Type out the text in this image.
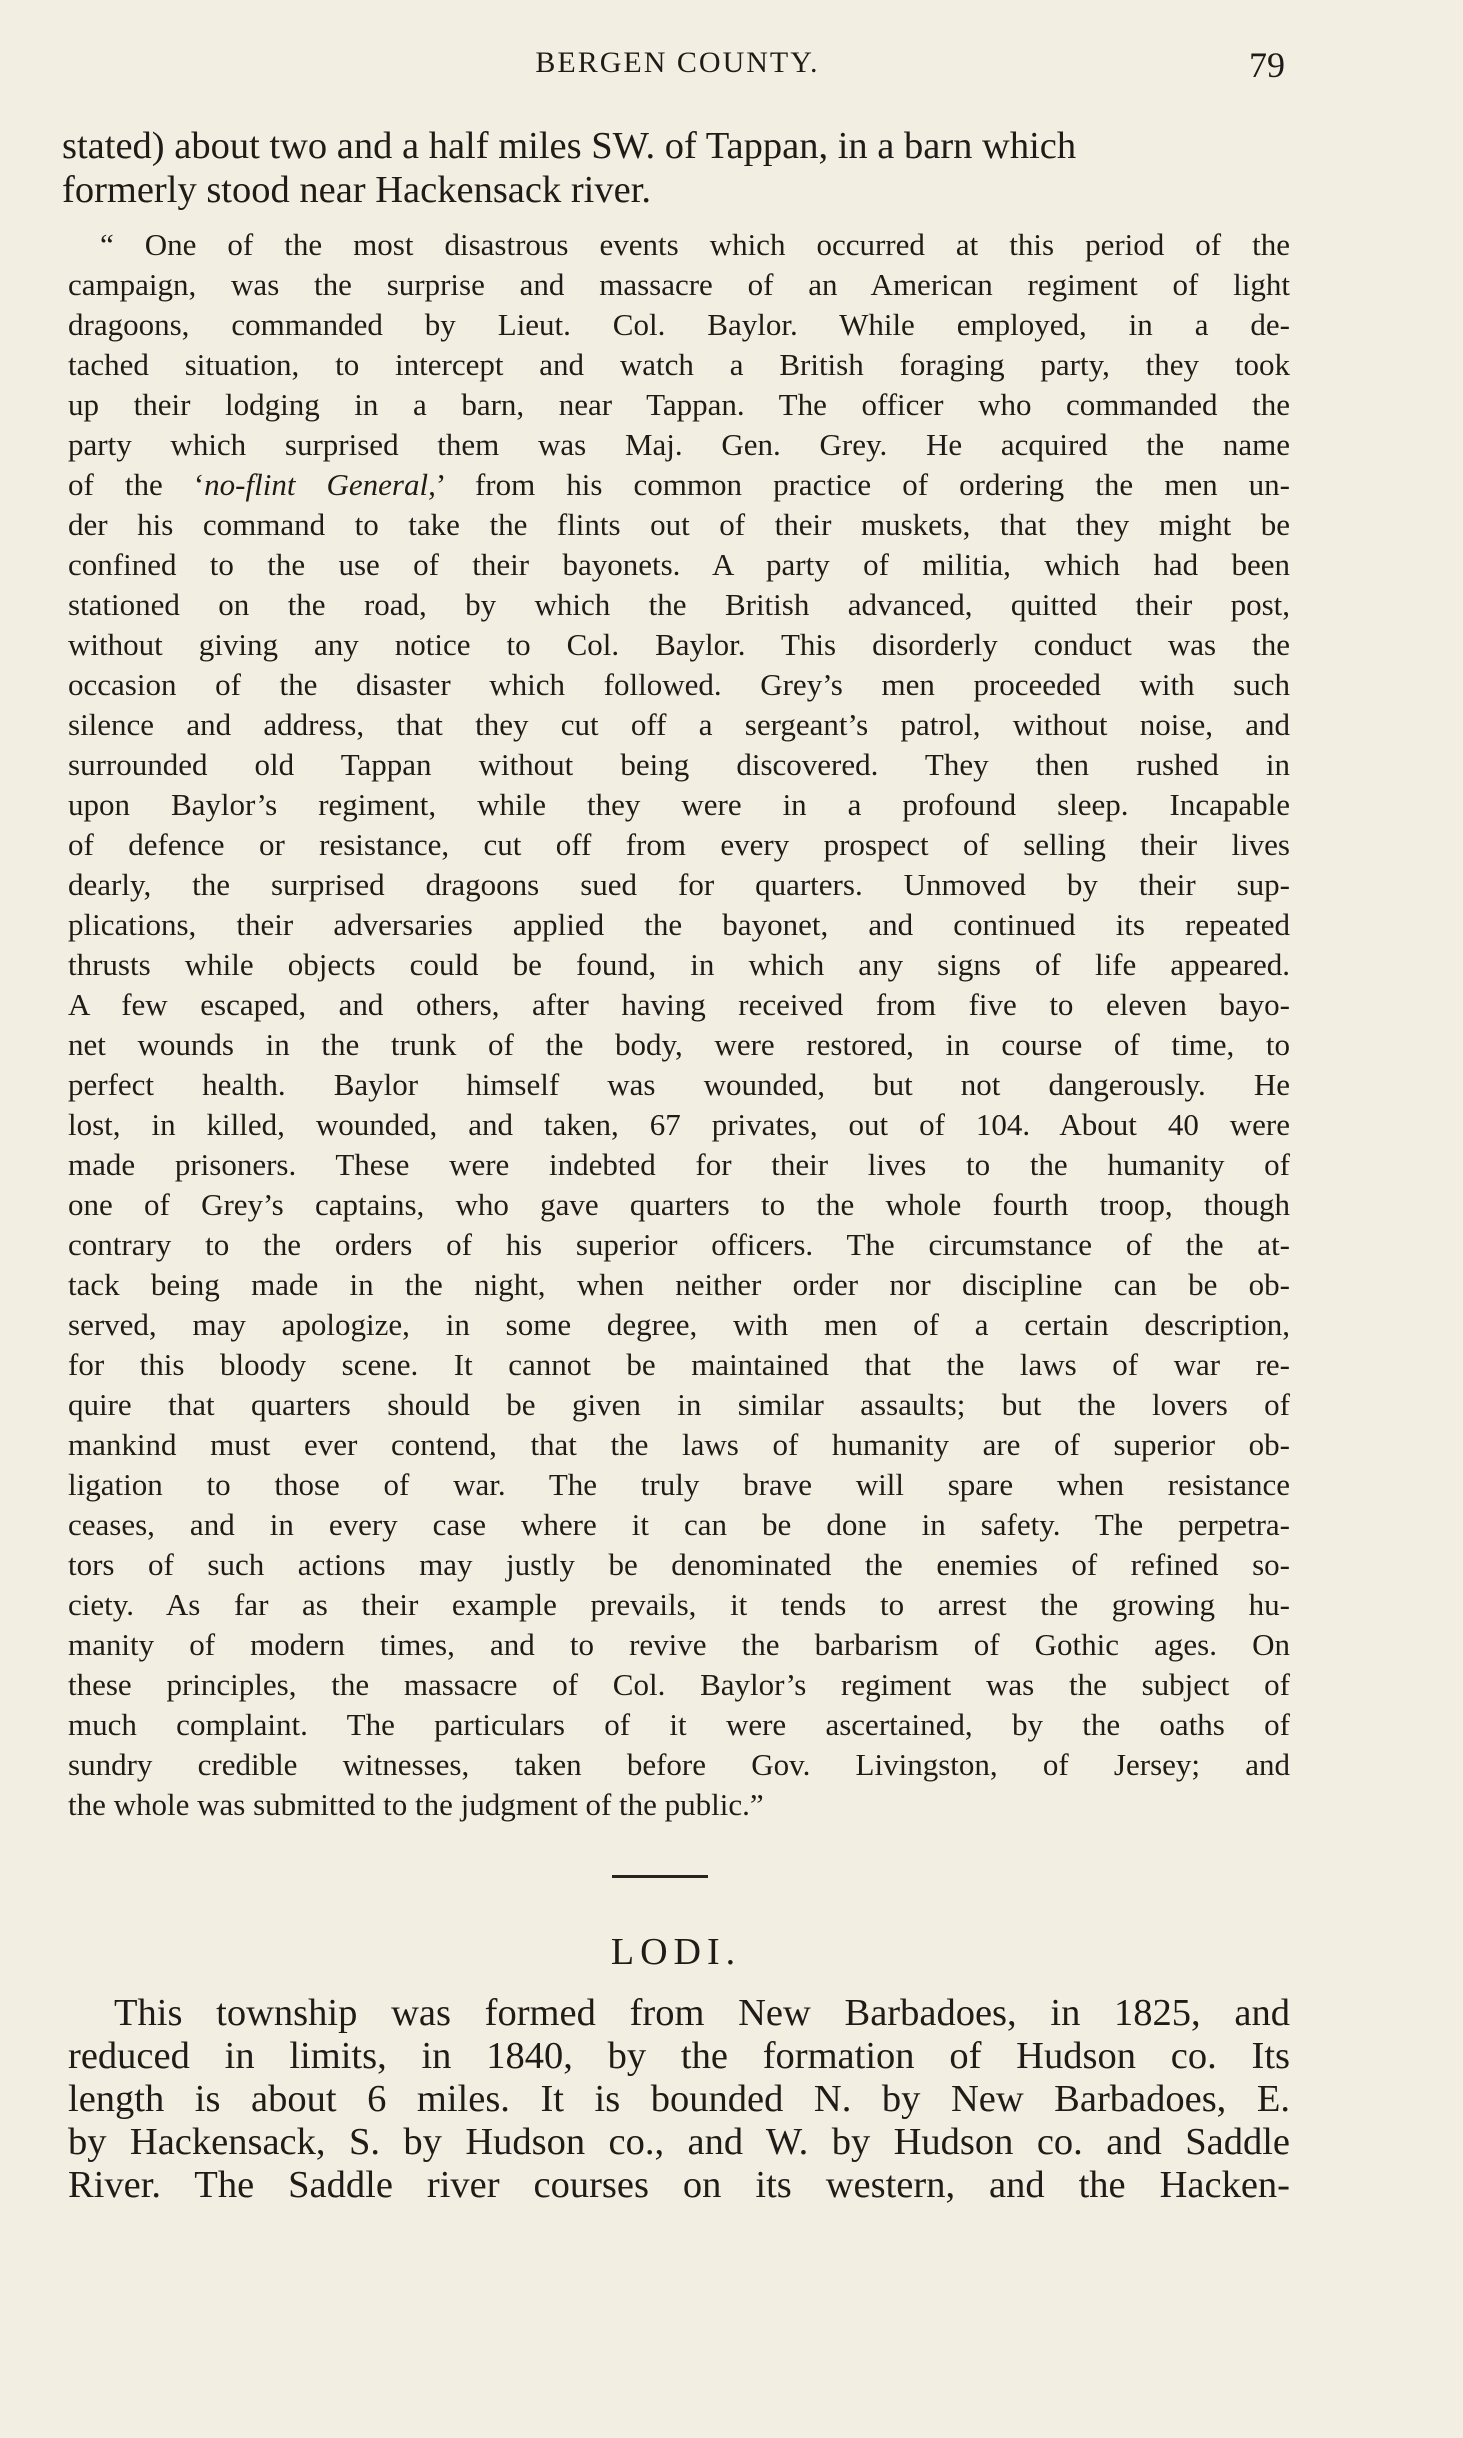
BERGEN COUNTY.	79
stated) about two and a half miles SW. of Tappan, in a barn which
formerly stood near Hackensack river.
“ One of the most disastrous events which occurred at this period of the
campaign, was the surprise and massacre of an American regiment of light
dragoons, commanded by Lieut. Col. Baylor. While employed, in a de-
tached situation, to intercept and watch a British foraging party, they took
up their lodging in a barn, near Tappan. The officer who commanded the
party which surprised them was Maj. Gen. Grey. He acquired the name
of the ‘no-flint General,’ from his common practice of ordering the men un-
der his command to take the flints out of their muskets, that they might be
confined to the use of their bayonets. A party of militia, which had been
stationed on the road, by which the British advanced, quitted their post,
without giving any notice to Col. Baylor. This disorderly conduct was the
occasion of the disaster which followed. Grey’s men proceeded with such
silence and address, that they cut off a sergeant’s patrol, without noise, and
surrounded old Tappan without being discovered. They then rushed in
upon Baylor’s regiment, while they were in a profound sleep. Incapable
of defence or resistance, cut off from every prospect of selling their lives
dearly, the surprised dragoons sued for quarters. Unmoved by their sup-
plications, their adversaries applied the bayonet, and continued its repeated
thrusts while objects could be found, in which any signs of life appeared.
A few escaped, and others, after having received from five to eleven bayo-
net wounds in the trunk of the body, were restored, in course of time, to
perfect health. Baylor himself was wounded, but not dangerously. He
lost, in killed, wounded, and taken, 67 privates, out of 104. About 40 were
made prisoners. These were indebted for their lives to the humanity of
one of Grey’s captains, who gave quarters to the whole fourth troop, though
contrary to the orders of his superior officers. The circumstance of the at-
tack being made in the night, when neither order nor discipline can be ob-
served, may apologize, in some degree, with men of a certain description,
for this bloody scene. It cannot be maintained that the laws of war re-
quire that quarters should be given in similar assaults; but the lovers of
mankind must ever contend, that the laws of humanity are of superior ob-
ligation to those of war. The truly brave will spare when resistance
ceases, and in every case where it can be done in safety. The perpetra-
tors of such actions may justly be denominated the enemies of refined so-
ciety. As far as their example prevails, it tends to arrest the growing hu-
manity of modern times, and to revive the barbarism of Gothic ages. On
these principles, the massacre of Col. Baylor’s regiment was the subject of
much complaint. The particulars of it were ascertained, by the oaths of
sundry credible witnesses, taken before Gov. Livingston, of Jersey; and
the whole was submitted to the judgment of the public.”
LODI.
This township was formed from New Barbadoes, in 1825, and
reduced in limits, in 1840, by the formation of Hudson co. Its
length is about 6 miles. It is bounded N. by New Barbadoes, E.
by Hackensack, S. by Hudson co., and W. by Hudson co. and Saddle
River. The Saddle river courses on its western, and the Hacken-
